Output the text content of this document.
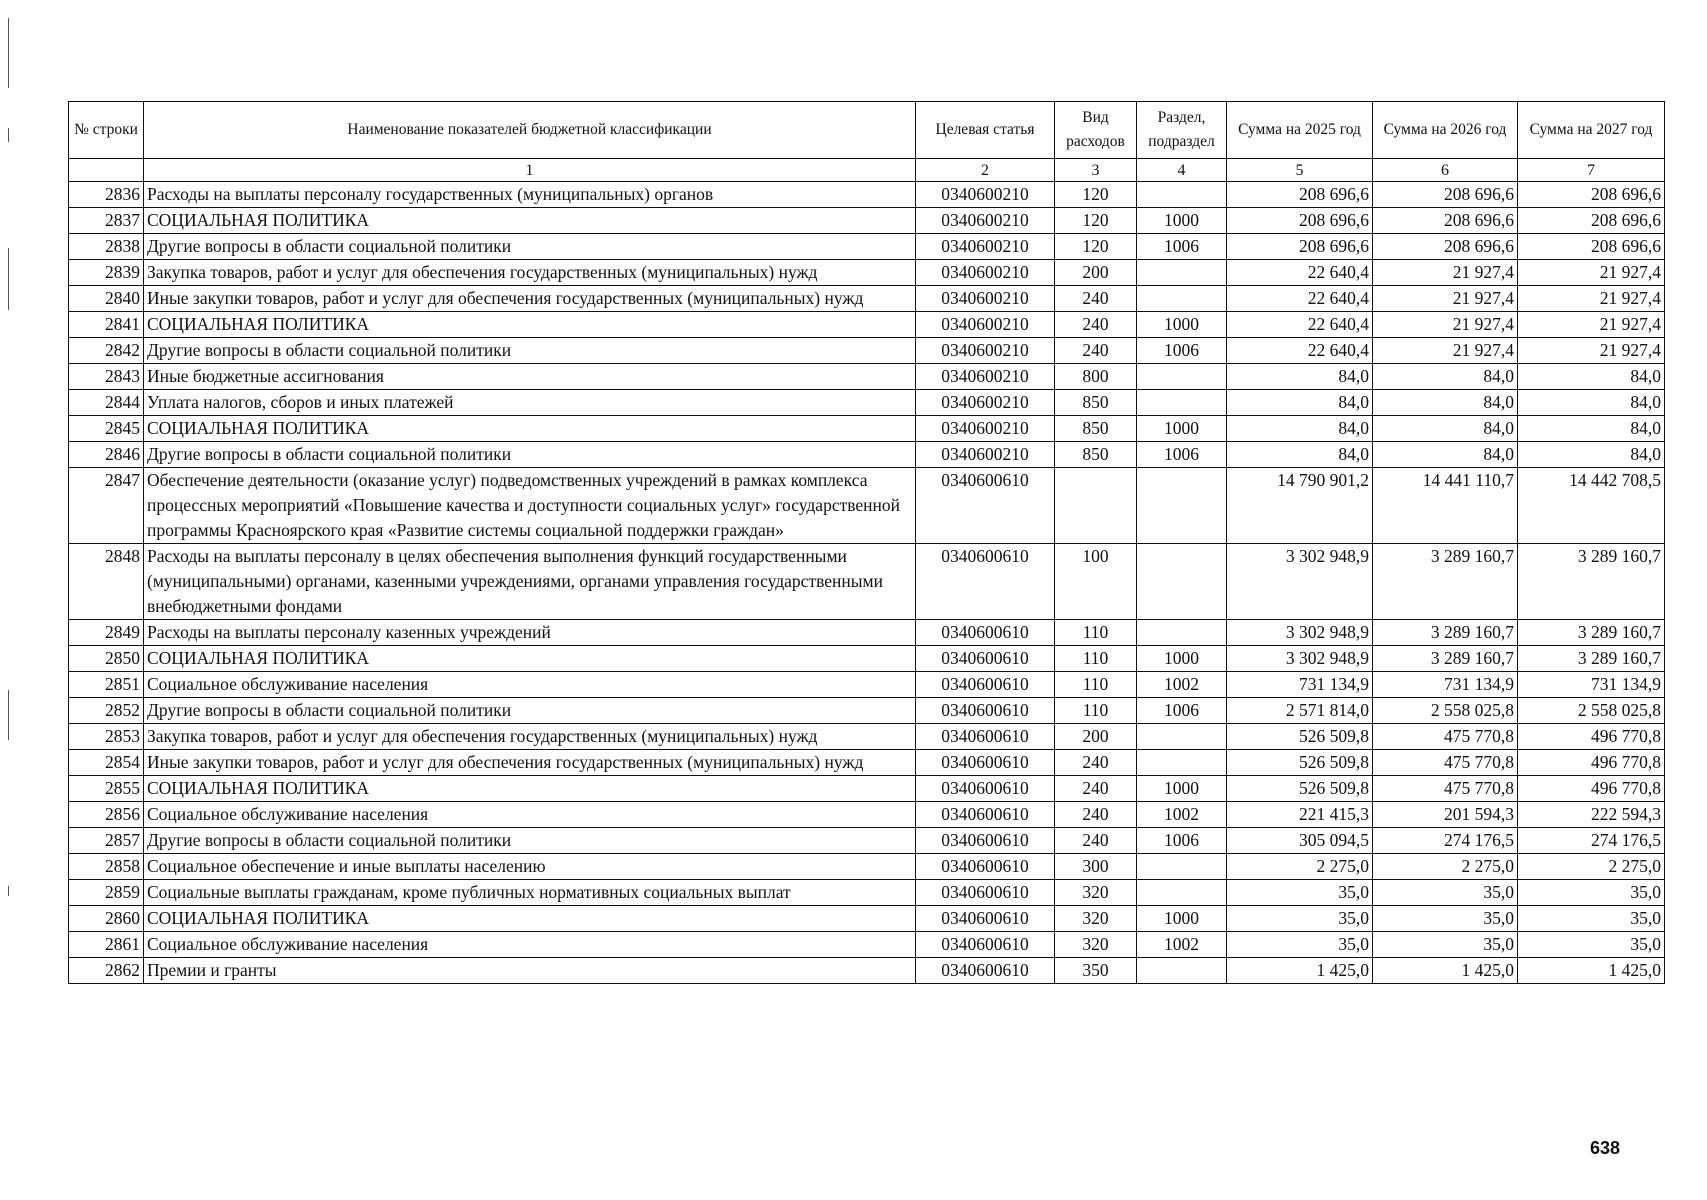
№ строки	Наименование показателей бюджетной классификации	Целевая статья	Вид расходов	Раздел, подраздел	Сумма на 2025 год	Сумма на 2026 год	Сумма на 2027 год
	1	2	3	4	5	6	7
2836	Расходы на выплаты персоналу государственных (муниципальных) органов	0340600210	120		208 696,6	208 696,6	208 696,6
2837	СОЦИАЛЬНАЯ ПОЛИТИКА	0340600210	120	1000	208 696,6	208 696,6	208 696,6
2838	Другие вопросы в области социальной политики	0340600210	120	1006	208 696,6	208 696,6	208 696,6
2839	Закупка товаров, работ и услуг для обеспечения государственных (муниципальных) нужд	0340600210	200		22 640,4	21 927,4	21 927,4
2840	Иные закупки товаров, работ и услуг для обеспечения государственных (муниципальных) нужд	0340600210	240		22 640,4	21 927,4	21 927,4
2841	СОЦИАЛЬНАЯ ПОЛИТИКА	0340600210	240	1000	22 640,4	21 927,4	21 927,4
2842	Другие вопросы в области социальной политики	0340600210	240	1006	22 640,4	21 927,4	21 927,4
2843	Иные бюджетные ассигнования	0340600210	800		84,0	84,0	84,0
2844	Уплата налогов, сборов и иных платежей	0340600210	850		84,0	84,0	84,0
2845	СОЦИАЛЬНАЯ ПОЛИТИКА	0340600210	850	1000	84,0	84,0	84,0
2846	Другие вопросы в области социальной политики	0340600210	850	1006	84,0	84,0	84,0
2847	Обеспечение деятельности (оказание услуг) подведомственных учреждений в рамках комплекса процессных мероприятий «Повышение качества и доступности социальных услуг» государственной программы Красноярского края «Развитие системы социальной поддержки граждан»	0340600610			14 790 901,2	14 441 110,7	14 442 708,5
2848	Расходы на выплаты персоналу в целях обеспечения выполнения функций государственными (муниципальными) органами, казенными учреждениями, органами управления государственными внебюджетными фондами	0340600610	100		3 302 948,9	3 289 160,7	3 289 160,7
2849	Расходы на выплаты персоналу казенных учреждений	0340600610	110		3 302 948,9	3 289 160,7	3 289 160,7
2850	СОЦИАЛЬНАЯ ПОЛИТИКА	0340600610	110	1000	3 302 948,9	3 289 160,7	3 289 160,7
2851	Социальное обслуживание населения	0340600610	110	1002	731 134,9	731 134,9	731 134,9
2852	Другие вопросы в области социальной политики	0340600610	110	1006	2 571 814,0	2 558 025,8	2 558 025,8
2853	Закупка товаров, работ и услуг для обеспечения государственных (муниципальных) нужд	0340600610	200		526 509,8	475 770,8	496 770,8
2854	Иные закупки товаров, работ и услуг для обеспечения государственных (муниципальных) нужд	0340600610	240		526 509,8	475 770,8	496 770,8
2855	СОЦИАЛЬНАЯ ПОЛИТИКА	0340600610	240	1000	526 509,8	475 770,8	496 770,8
2856	Социальное обслуживание населения	0340600610	240	1002	221 415,3	201 594,3	222 594,3
2857	Другие вопросы в области социальной политики	0340600610	240	1006	305 094,5	274 176,5	274 176,5
2858	Социальное обеспечение и иные выплаты населению	0340600610	300		2 275,0	2 275,0	2 275,0
2859	Социальные выплаты гражданам, кроме публичных нормативных социальных выплат	0340600610	320		35,0	35,0	35,0
2860	СОЦИАЛЬНАЯ ПОЛИТИКА	0340600610	320	1000	35,0	35,0	35,0
2861	Социальное обслуживание населения	0340600610	320	1002	35,0	35,0	35,0
2862	Премии и гранты	0340600610	350		1 425,0	1 425,0	1 425,0
638
